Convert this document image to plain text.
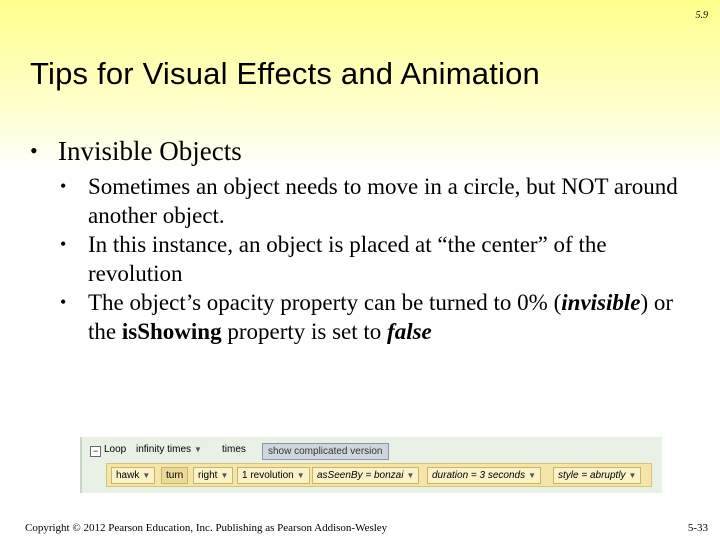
5.9
Tips for Visual Effects and Animation
• Invisible Objects
• Sometimes an object needs to move in a circle, but NOT around another object.
• In this instance, an object is placed at “the center” of the revolution
• The object’s opacity property can be turned to 0% (invisible) or the isShowing property is set to false
− Loop infinity times ▼ times	show complicated version
hawk ▼	turn	right ▼	1 revolution ▼	asSeenBy = bonzai ▼	duration = 3 seconds ▼	style = abruptly ▼
Copyright © 2012 Pearson Education, Inc. Publishing as Pearson Addison-Wesley	5-33
